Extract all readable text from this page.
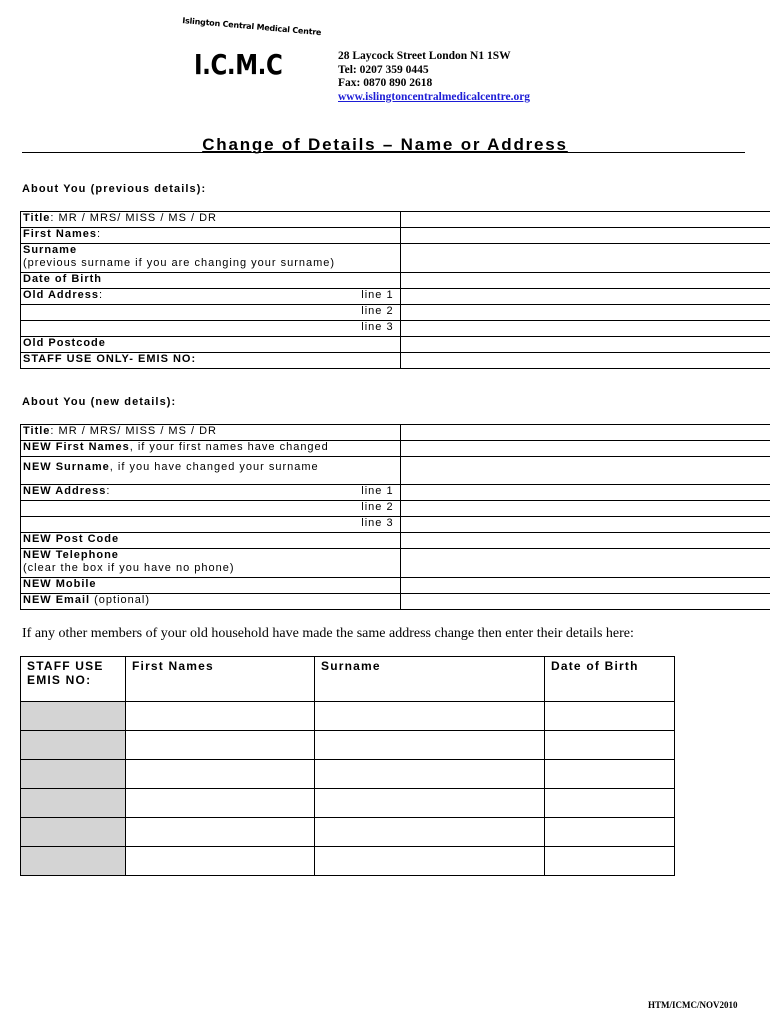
Islington Central Medical Centre
I.C.M.C	28 Laycock Street London N1 1SW
Tel: 0207 359 0445
Fax: 0870 890 2618
www.islingtoncentralmedicalcentre.org
Change of Details – Name or Address
About You (previous details):
Title: MR / MRS/ MISS / MS / DR	
First Names:	

Surname
(previous surname if you are changing your surname)	

Date of Birth	
Old Address: line 1	

line 2	

line 3	

Old Postcode	
STAFF USE ONLY- EMIS NO:	
About You (new details):
Title: MR / MRS/ MISS / MS / DR	
NEW First Names, if your first names have changed	
NEW Surname, if you have changed your surname	
NEW Address: line 1	

line 2	

line 3	

NEW Post Code	

NEW Telephone
(clear the box if you have no phone)	

NEW Mobile	
NEW Email (optional)	
If any other members of your old household have made the same address change then enter their details here:
STAFF USE EMIS NO:	First Names	Surname	Date of Birth

HTM/ICMC/NOV2010
